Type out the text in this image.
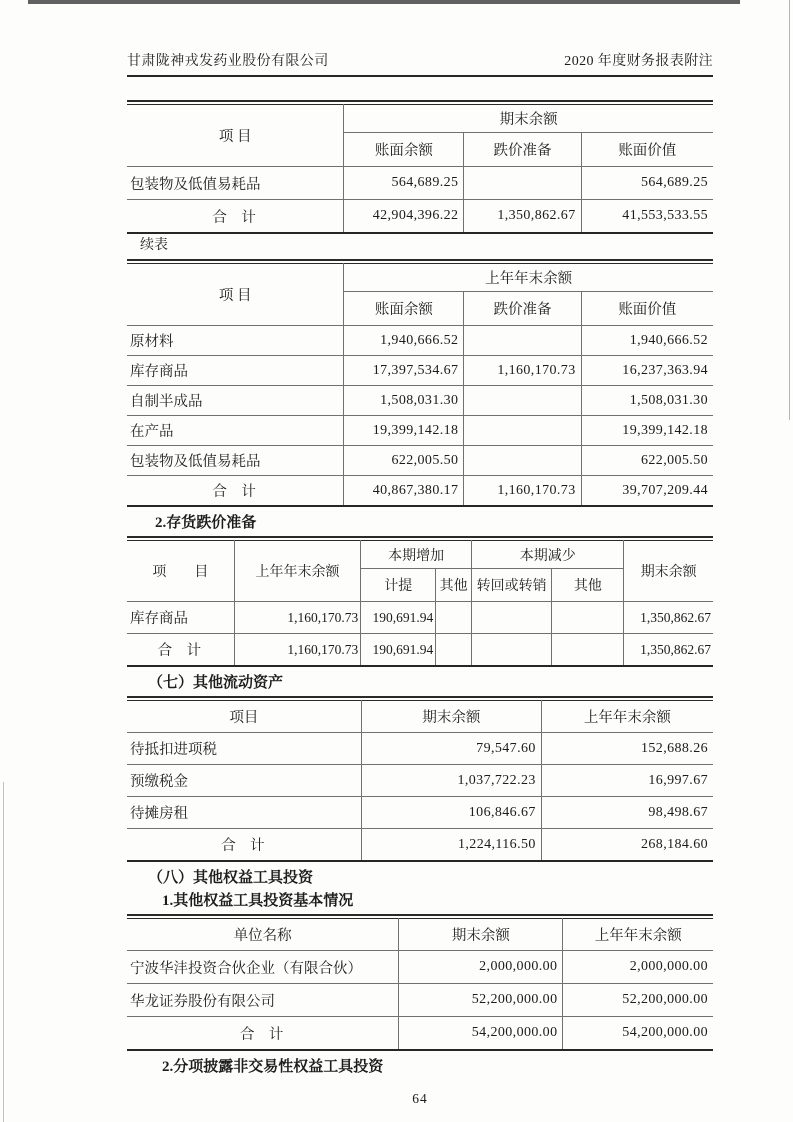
甘肃陇神戎发药业股份有限公司	2020 年度财务报表附注
项 目	期末余额		
	账面余额	跌价准备	账面价值
包装物及低值易耗品	564,689.25		564,689.25
合　计	42,904,396.22	1,350,862.67	41,553,533.55
续表
项 目	上年年末余额		
	账面余额	跌价准备	账面价值
原材料	1,940,666.52		1,940,666.52
库存商品	17,397,534.67	1,160,170.73	16,237,363.94
自制半成品	1,508,031.30		1,508,031.30
在产品	19,399,142.18		19,399,142.18
包装物及低值易耗品	622,005.50		622,005.50
合　计	40,867,380.17	1,160,170.73	39,707,209.44
2.存货跌价准备
项　　目	上年年末余额	本期增加		本期减少		期末余额
		计提	其他	转回或转销	其他	
库存商品	1,160,170.73	190,691.94				1,350,862.67
合　计	1,160,170.73	190,691.94				1,350,862.67
（七）其他流动资产
项目	期末余额	上年年末余额
待抵扣进项税	79,547.60	152,688.26
预缴税金	1,037,722.23	16,997.67
待摊房租	106,846.67	98,498.67
合　计	1,224,116.50	268,184.60
（八）其他权益工具投资
1.其他权益工具投资基本情况
单位名称	期末余额	上年年末余额
宁波华沣投资合伙企业（有限合伙）	2,000,000.00	2,000,000.00
华龙证券股份有限公司	52,200,000.00	52,200,000.00
合　计	54,200,000.00	54,200,000.00
2.分项披露非交易性权益工具投资
64
